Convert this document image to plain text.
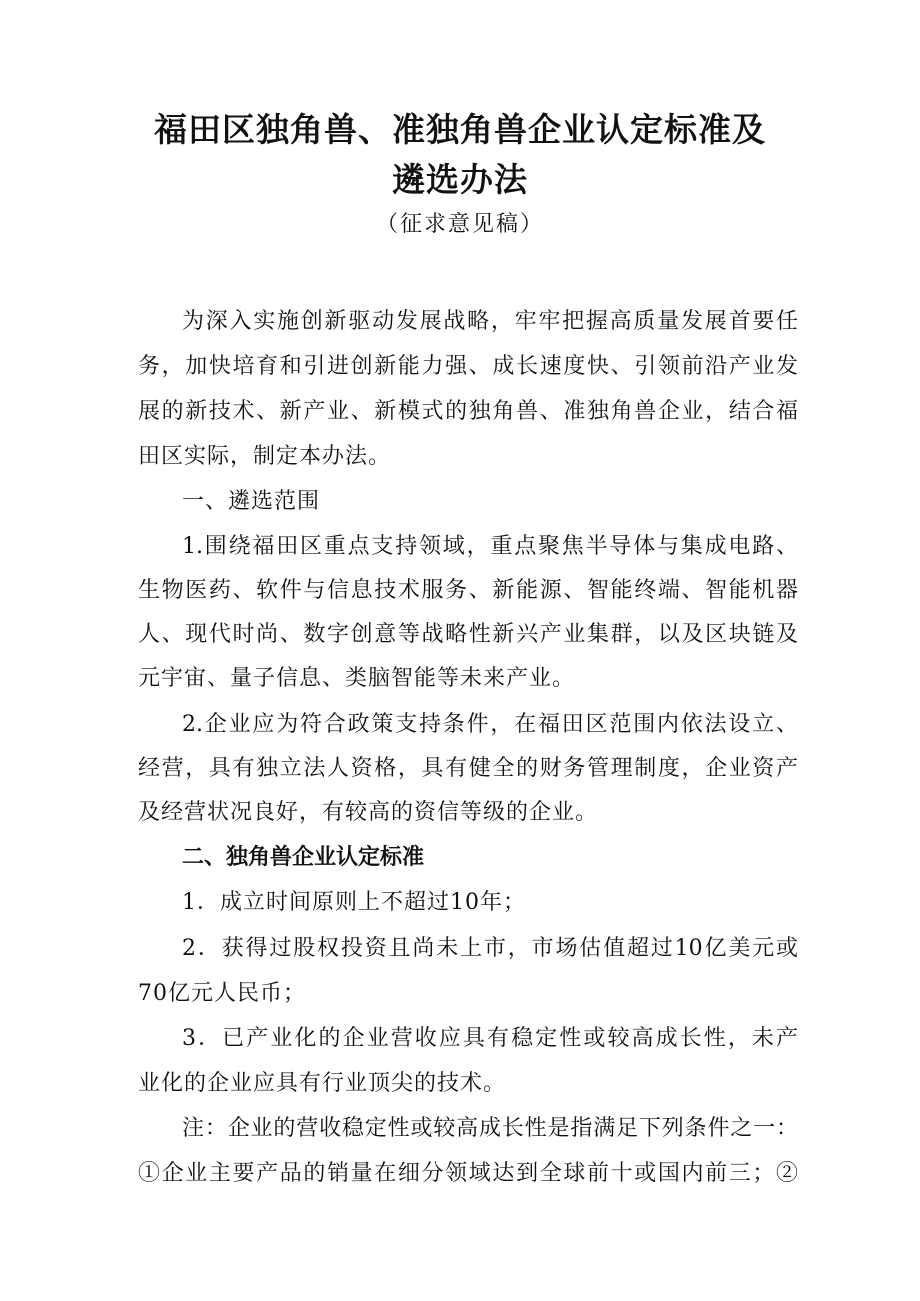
福田区独角兽、准独角兽企业认定标准及
遴选办法
（征求意见稿）
为深入实施创新驱动发展战略，牢牢把握高质量发展首要任
务，加快培育和引进创新能力强、成长速度快、引领前沿产业发
展的新技术、新产业、新模式的独角兽、准独角兽企业，结合福
田区实际，制定本办法。
一、遴选范围
1.围绕福田区重点支持领域，重点聚焦半导体与集成电路、
生物医药、软件与信息技术服务、新能源、智能终端、智能机器
人、现代时尚、数字创意等战略性新兴产业集群，以及区块链及
元宇宙、量子信息、类脑智能等未来产业。
2.企业应为符合政策支持条件，在福田区范围内依法设立、
经营，具有独立法人资格，具有健全的财务管理制度，企业资产
及经营状况良好，有较高的资信等级的企业。
二、独角兽企业认定标准
1．成立时间原则上不超过10年；
2．获得过股权投资且尚未上市，市场估值超过10亿美元或
70亿元人民币；
3．已产业化的企业营收应具有稳定性或较高成长性，未产
业化的企业应具有行业顶尖的技术。
注：企业的营收稳定性或较高成长性是指满足下列条件之一：
①企业主要产品的销量在细分领域达到全球前十或国内前三；②
